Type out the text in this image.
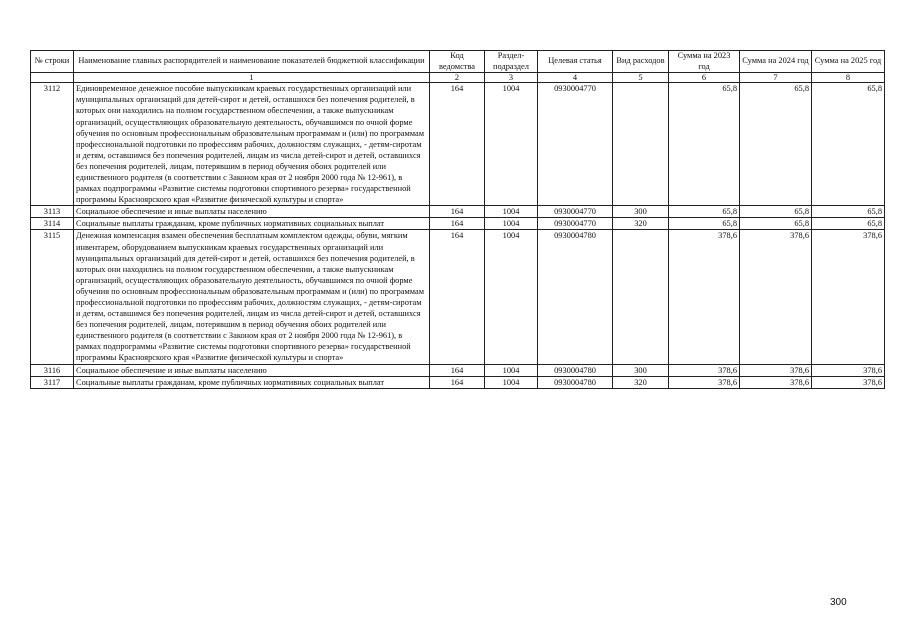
№ строки	Наименование главных распорядителей и наименование показателей бюджетной классификации	Код ведомства	Раздел-подраздел	Целевая статья	Вид расходов	Сумма на 2023 год	Сумма на 2024 год	Сумма на 2025 год
	1	2	3	4	5	6	7	8
3112	Единовременное денежное пособие выпускникам краевых государственных организаций или муниципальных организаций для детей-сирот и детей, оставшихся без попечения родителей, в которых они находились на полном государственном обеспечении, а также выпускникам организаций, осуществляющих образовательную деятельность, обучавшимся по очной форме обучения по основным профессиональным образовательным программам и (или) по программам профессиональной подготовки по профессиям рабочих, должностям служащих, - детям-сиротам и детям, оставшимся без попечения родителей, лицам из числа детей-сирот и детей, оставшихся без попечения родителей, лицам, потерявшим в период обучения обоих родителей или единственного родителя (в соответствии с Законом края от 2 ноября 2000 года № 12-961), в рамках подпрограммы «Развитие системы подготовки спортивного резерва» государственной программы Красноярского края «Развитие физической культуры и спорта»	164	1004	0930004770		65,8	65,8	65,8
3113	Социальное обеспечение и иные выплаты населению	164	1004	0930004770	300	65,8	65,8	65,8
3114	Социальные выплаты гражданам, кроме публичных нормативных социальных выплат	164	1004	0930004770	320	65,8	65,8	65,8
3115	Денежная компенсация взамен обеспечения бесплатным комплектом одежды, обуви, мягким инвентарем, оборудованием выпускникам краевых государственных организаций или муниципальных организаций для детей-сирот и детей, оставшихся без попечения родителей, в которых они находились на полном государственном обеспечении, а также выпускникам организаций, осуществляющих образовательную деятельность, обучавшимся по очной форме обучения по основным профессиональным образовательным программам и (или) по программам профессиональной подготовки по профессиям рабочих, должностям служащих, - детям-сиротам и детям, оставшимся без попечения родителей, лицам из числа детей-сирот и детей, оставшихся без попечения родителей, лицам, потерявшим в период обучения обоих родителей или единственного родителя (в соответствии с Законом края от 2 ноября 2000 года № 12-961), в рамках подпрограммы «Развитие системы подготовки спортивного резерва» государственной программы Красноярского края «Развитие физической культуры и спорта»	164	1004	0930004780		378,6	378,6	378,6
3116	Социальное обеспечение и иные выплаты населению	164	1004	0930004780	300	378,6	378,6	378,6
3117	Социальные выплаты гражданам, кроме публичных нормативных социальных выплат	164	1004	0930004780	320	378,6	378,6	378,6
300
